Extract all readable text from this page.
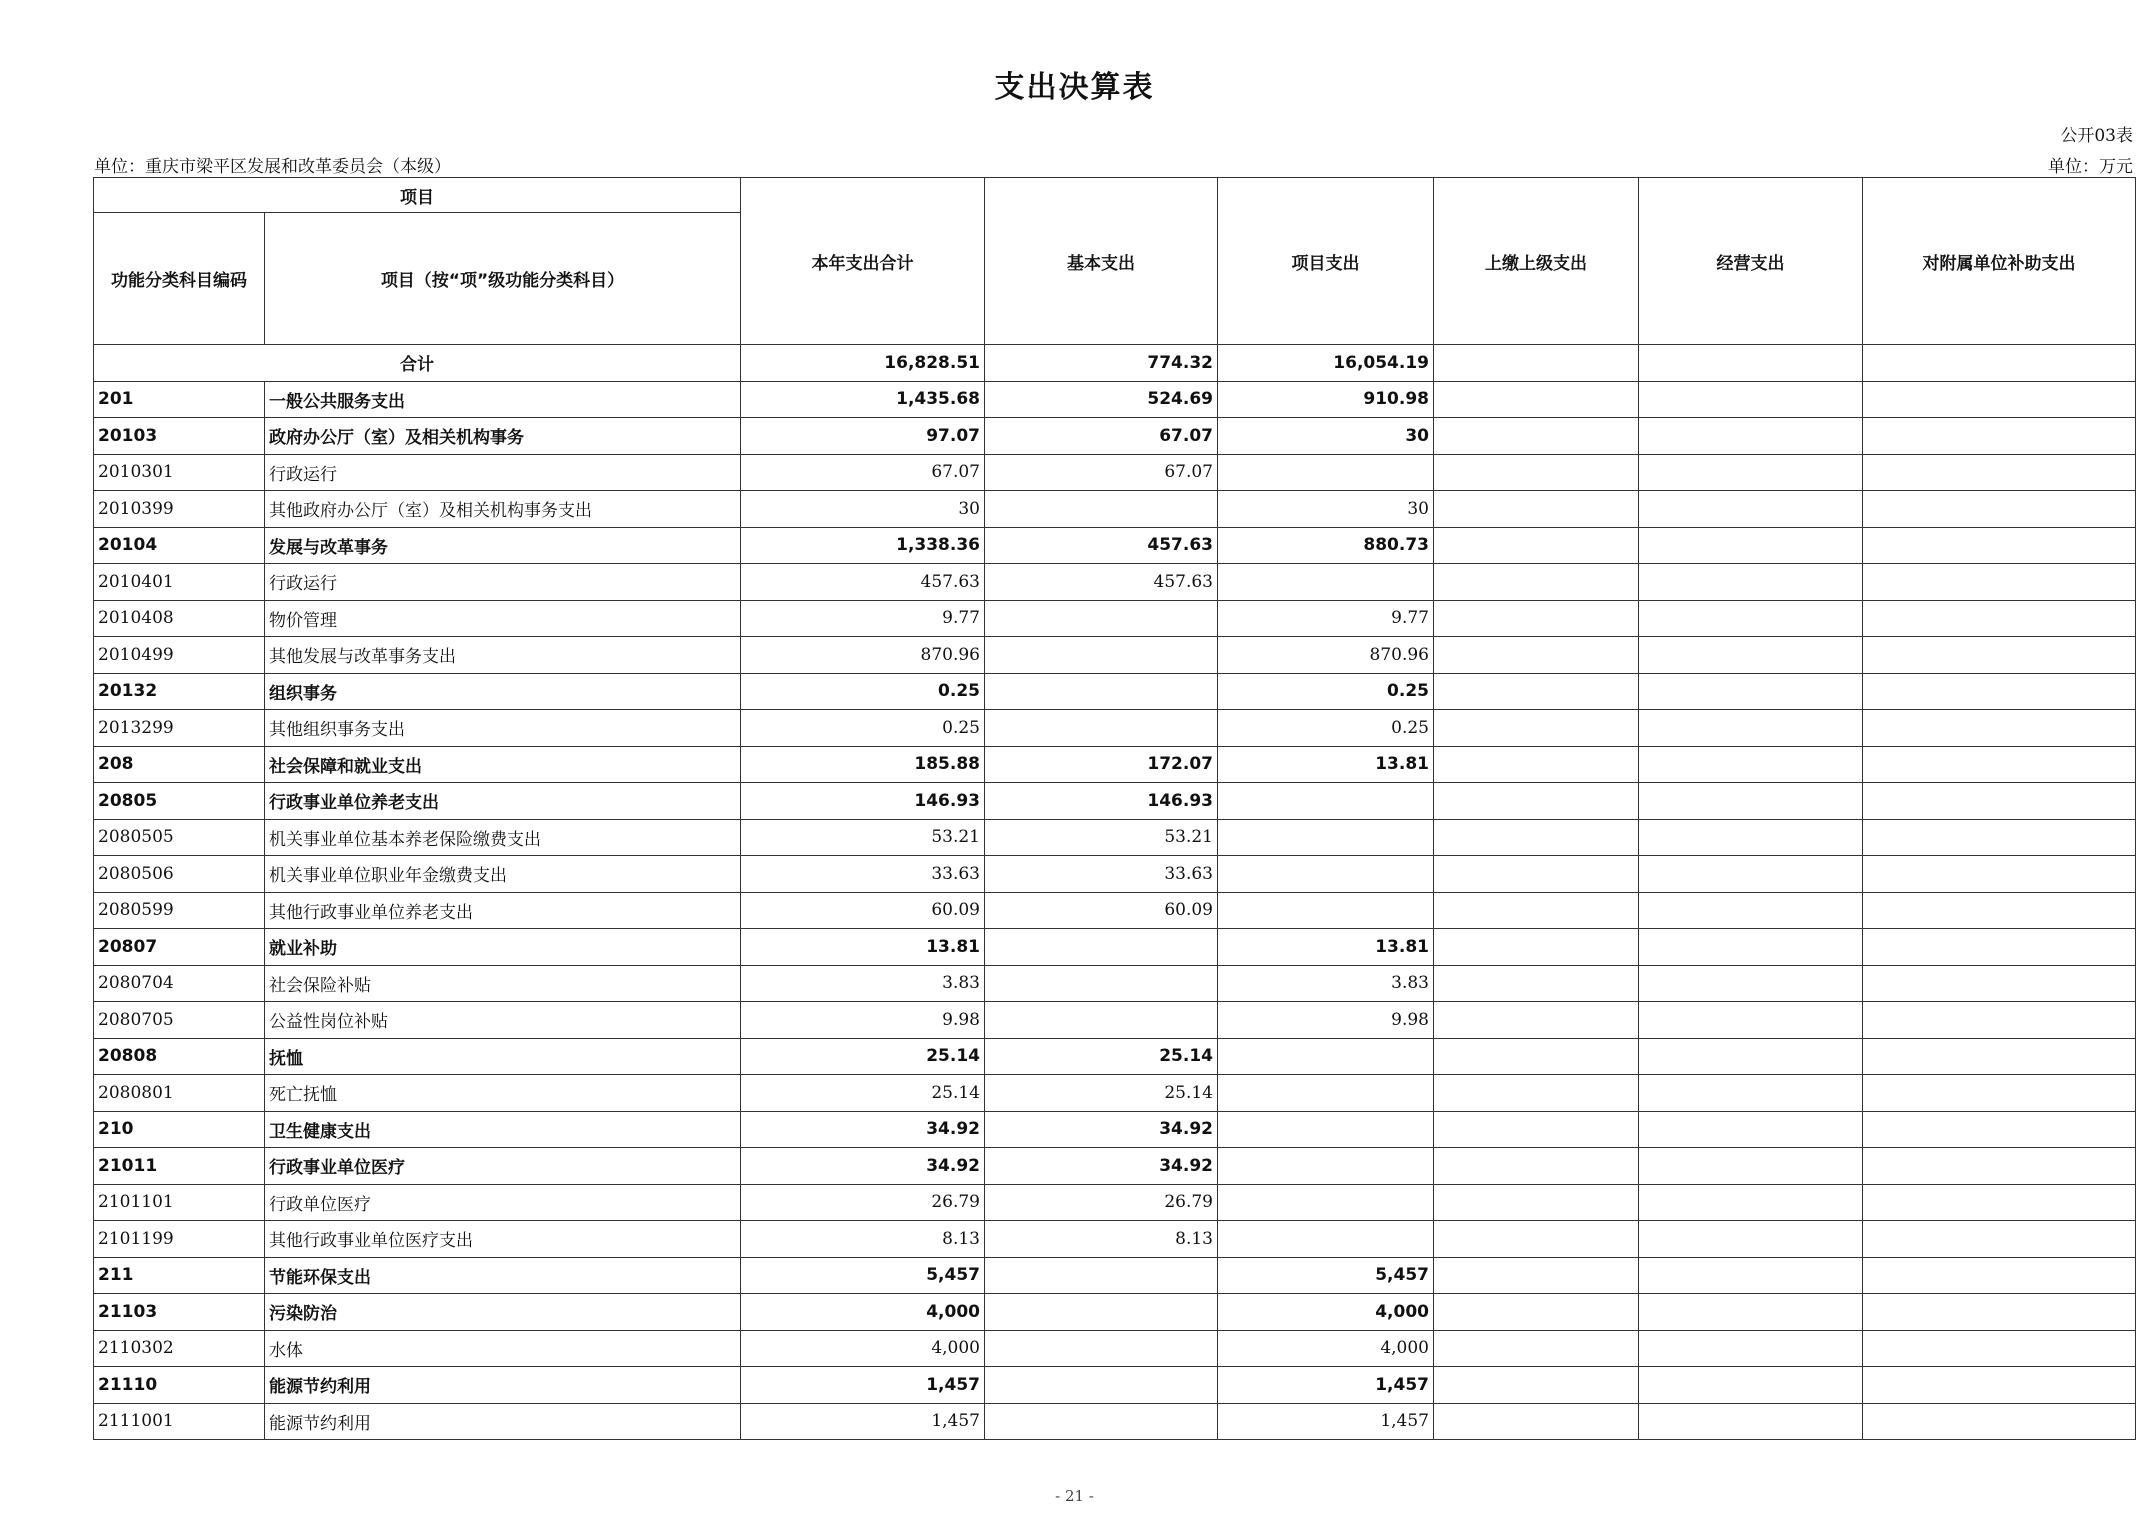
支出决算表
公开03表
单位：重庆市梁平区发展和改革委员会（本级）	单位：万元
项目		本年支出合计	基本支出	项目支出	上缴上级支出	经营支出	对附属单位补助支出
功能分类科目编码	项目（按“项”级功能分类科目）						
合计		16,828.51	774.32	16,054.19			
201	一般公共服务支出	1,435.68	524.69	910.98			
20103	政府办公厅（室）及相关机构事务	97.07	67.07	30			
2010301	行政运行	67.07	67.07				
2010399	其他政府办公厅（室）及相关机构事务支出	30		30			
20104	发展与改革事务	1,338.36	457.63	880.73			
2010401	行政运行	457.63	457.63				
2010408	物价管理	9.77		9.77			
2010499	其他发展与改革事务支出	870.96		870.96			
20132	组织事务	0.25		0.25			
2013299	其他组织事务支出	0.25		0.25			
208	社会保障和就业支出	185.88	172.07	13.81			
20805	行政事业单位养老支出	146.93	146.93				
2080505	机关事业单位基本养老保险缴费支出	53.21	53.21				
2080506	机关事业单位职业年金缴费支出	33.63	33.63				
2080599	其他行政事业单位养老支出	60.09	60.09				
20807	就业补助	13.81		13.81			
2080704	社会保险补贴	3.83		3.83			
2080705	公益性岗位补贴	9.98		9.98			
20808	抚恤	25.14	25.14				
2080801	死亡抚恤	25.14	25.14				
210	卫生健康支出	34.92	34.92				
21011	行政事业单位医疗	34.92	34.92				
2101101	行政单位医疗	26.79	26.79				
2101199	其他行政事业单位医疗支出	8.13	8.13				
211	节能环保支出	5,457		5,457			
21103	污染防治	4,000		4,000			
2110302	水体	4,000		4,000			
21110	能源节约利用	1,457		1,457			
2111001	能源节约利用	1,457		1,457			
- 21 -
